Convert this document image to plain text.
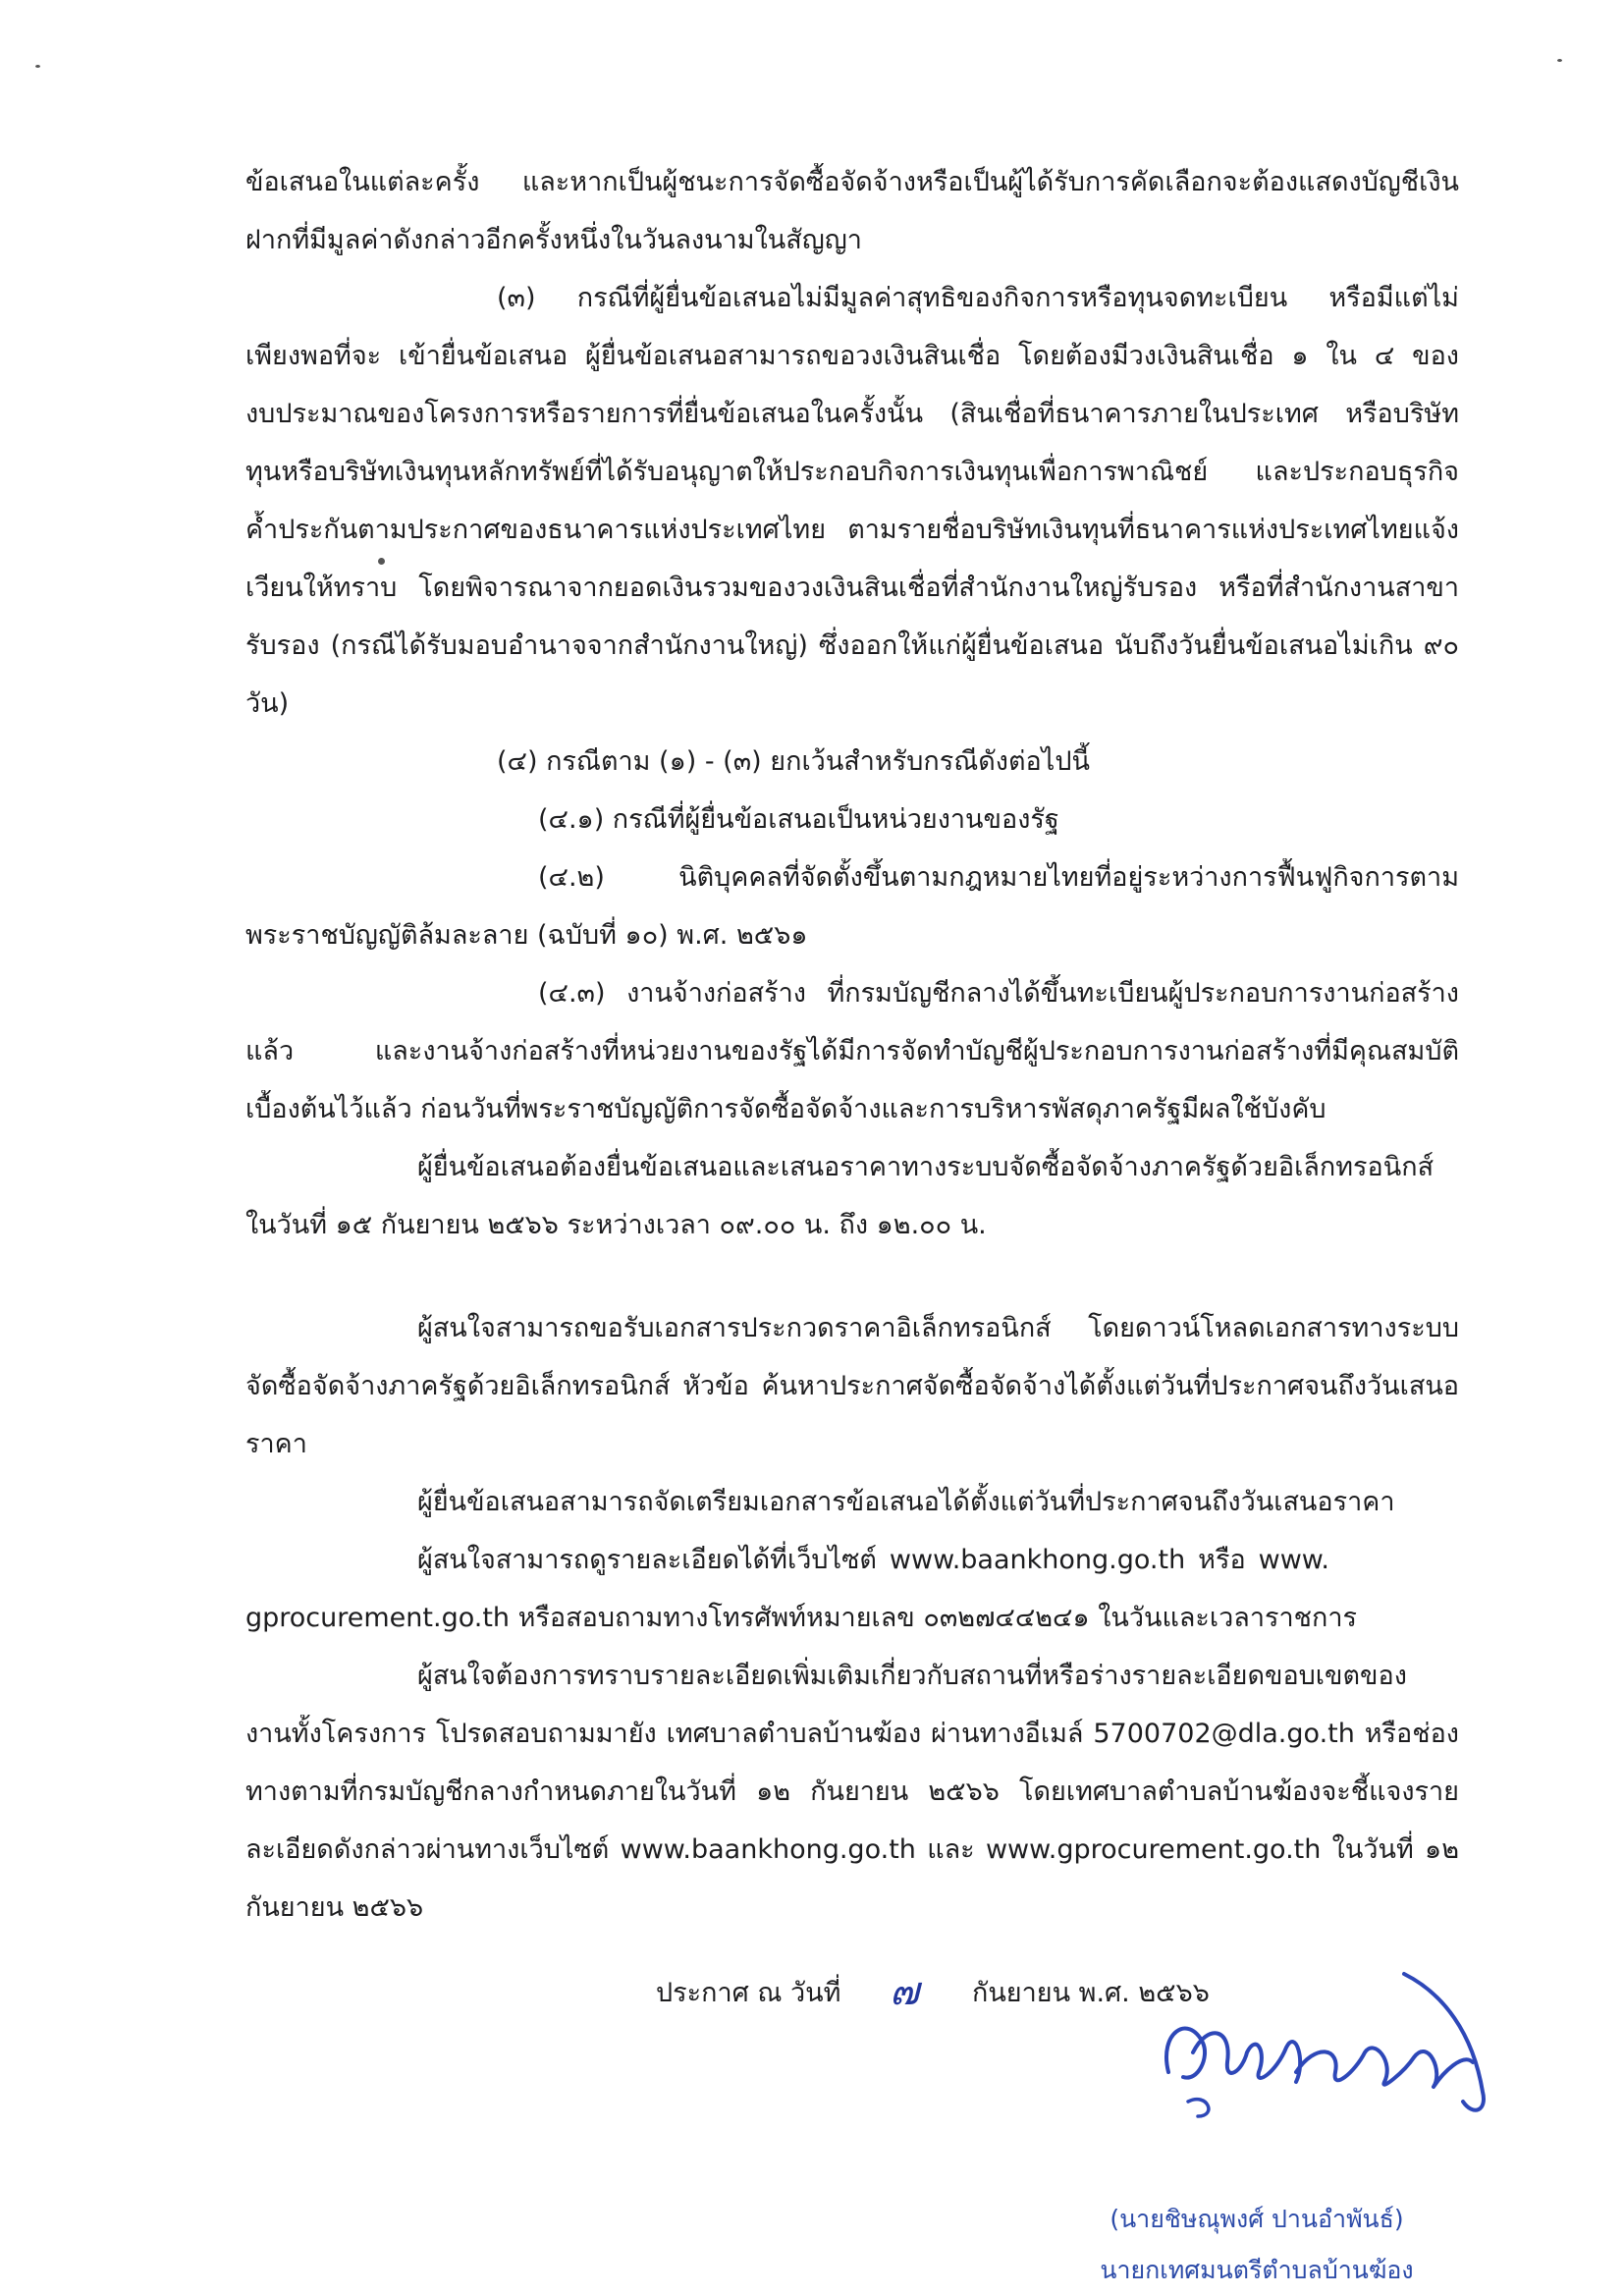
ข้อเสนอในแต่ละครั้ง และหากเป็นผู้ชนะการจัดซื้อจัดจ้างหรือเป็นผู้ได้รับการคัดเลือกจะต้องแสดงบัญชีเงิน
ฝากที่มีมูลค่าดังกล่าวอีกครั้งหนึ่งในวันลงนามในสัญญา
(๓) กรณีที่ผู้ยื่นข้อเสนอไม่มีมูลค่าสุทธิของกิจการหรือทุนจดทะเบียน หรือมีแต่ไม่
เพียงพอที่จะ เข้ายื่นข้อเสนอ ผู้ยื่นข้อเสนอสามารถขอวงเงินสินเชื่อ โดยต้องมีวงเงินสินเชื่อ ๑ ใน ๔ ของ
งบประมาณของโครงการหรือรายการที่ยื่นข้อเสนอในครั้งนั้น (สินเชื่อที่ธนาคารภายในประเทศ หรือบริษัท
ทุนหรือบริษัทเงินทุนหลักทรัพย์ที่ได้รับอนุญาตให้ประกอบกิจการเงินทุนเพื่อการพาณิชย์ และประกอบธุรกิจ
ค้ำประกันตามประกาศของธนาคารแห่งประเทศไทย ตามรายชื่อบริษัทเงินทุนที่ธนาคารแห่งประเทศไทยแจ้ง
เวียนให้ทราบ โดยพิจารณาจากยอดเงินรวมของวงเงินสินเชื่อที่สำนักงานใหญ่รับรอง หรือที่สำนักงานสาขา
รับรอง (กรณีได้รับมอบอำนาจจากสำนักงานใหญ่) ซึ่งออกให้แก่ผู้ยื่นข้อเสนอ นับถึงวันยื่นข้อเสนอไม่เกิน ๙๐
วัน)
(๔) กรณีตาม (๑) - (๓) ยกเว้นสำหรับกรณีดังต่อไปนี้
(๔.๑) กรณีที่ผู้ยื่นข้อเสนอเป็นหน่วยงานของรัฐ
(๔.๒) นิติบุคคลที่จัดตั้งขึ้นตามกฎหมายไทยที่อยู่ระหว่างการฟื้นฟูกิจการตาม
พระราชบัญญัติล้มละลาย (ฉบับที่ ๑๐) พ.ศ. ๒๕๖๑
(๔.๓) งานจ้างก่อสร้าง ที่กรมบัญชีกลางได้ขึ้นทะเบียนผู้ประกอบการงานก่อสร้าง
แล้ว และงานจ้างก่อสร้างที่หน่วยงานของรัฐได้มีการจัดทำบัญชีผู้ประกอบการงานก่อสร้างที่มีคุณสมบัติ
เบื้องต้นไว้แล้ว ก่อนวันที่พระราชบัญญัติการจัดซื้อจัดจ้างและการบริหารพัสดุภาครัฐมีผลใช้บังคับ
ผู้ยื่นข้อเสนอต้องยื่นข้อเสนอและเสนอราคาทางระบบจัดซื้อจัดจ้างภาครัฐด้วยอิเล็กทรอนิกส์
ในวันที่ ๑๕ กันยายน ๒๕๖๖ ระหว่างเวลา ๐๙.๐๐ น. ถึง ๑๒.๐๐ น.
ผู้สนใจสามารถขอรับเอกสารประกวดราคาอิเล็กทรอนิกส์ โดยดาวน์โหลดเอกสารทางระบบ
จัดซื้อจัดจ้างภาครัฐด้วยอิเล็กทรอนิกส์ หัวข้อ ค้นหาประกาศจัดซื้อจัดจ้างได้ตั้งแต่วันที่ประกาศจนถึงวันเสนอ
ราคา
ผู้ยื่นข้อเสนอสามารถจัดเตรียมเอกสารข้อเสนอได้ตั้งแต่วันที่ประกาศจนถึงวันเสนอราคา
ผู้สนใจสามารถดูรายละเอียดได้ที่เว็บไซต์ www.baankhong.go.th หรือ www.
gprocurement.go.th หรือสอบถามทางโทรศัพท์หมายเลข ๐๓๒๗๔๔๒๔๑ ในวันและเวลาราชการ
ผู้สนใจต้องการทราบรายละเอียดเพิ่มเติมเกี่ยวกับสถานที่หรือร่างรายละเอียดขอบเขตของ
งานทั้งโครงการ โปรดสอบถามมายัง เทศบาลตำบลบ้านฆ้อง ผ่านทางอีเมล์ 5700702@dla.go.th หรือช่อง
ทางตามที่กรมบัญชีกลางกำหนดภายในวันที่ ๑๒ กันยายน ๒๕๖๖ โดยเทศบาลตำบลบ้านฆ้องจะชี้แจงราย
ละเอียดดังกล่าวผ่านทางเว็บไซต์ www.baankhong.go.th และ www.gprocurement.go.th ในวันที่ ๑๒
กันยายน ๒๕๖๖
ประกาศ ณ วันที่ ๗ กันยายน พ.ศ. ๒๕๖๖
(นายชิษณุพงศ์ ปานอำพันธ์)
นายกเทศมนตรีตำบลบ้านฆ้อง
